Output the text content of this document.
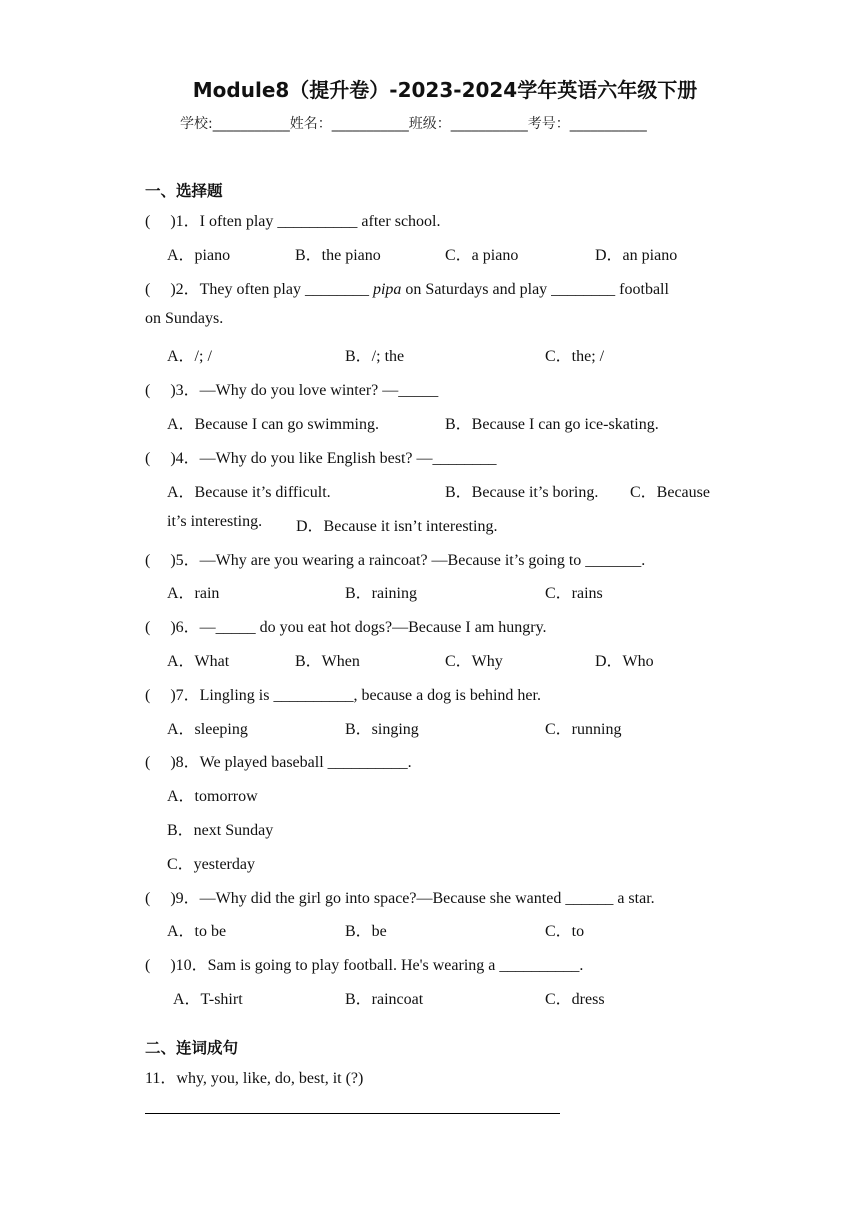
Module8（提升卷）-2023-2024学年英语六年级下册
学校:___________姓名：___________班级：___________考号：___________
一、选择题
(　 )1．I often play __________ after school.
A．piano	B．the piano	C．a piano	D．an piano
(　 )2．They often play ________ pipa on Saturdays and play ________ football
on Sundays.
A．/; /	B．/; the	C．the; /
(　 )3．—Why do you love winter? —_____
A．Because I can go swimming.	B．Because I can go ice-skating.
(　 )4．—Why do you like English best? —________
A．Because it’s difficult.	B．Because it’s boring. C．Because
it’s interesting. D．Because it isn’t interesting.
(　 )5．—Why are you wearing a raincoat? —Because it’s going to _______.
A．rain	B．raining	C．rains
(　 )6．—_____ do you eat hot dogs?—Because I am hungry.
A．What	B．When	C．Why	D．Who
(　 )7．Lingling is __________, because a dog is behind her.
A．sleeping	B．singing	C．running
(　 )8．We played baseball __________.
A．tomorrow
B．next Sunday
C．yesterday
(　 )9．—Why did the girl go into space?—Because she wanted ______ a star.
A．to be	B．be	C．to
(　 )10．Sam is going to play football. He's wearing a __________.
A．T-shirt	B．raincoat	C．dress
二、连词成句
11．why, you, like, do, best, it (?)
